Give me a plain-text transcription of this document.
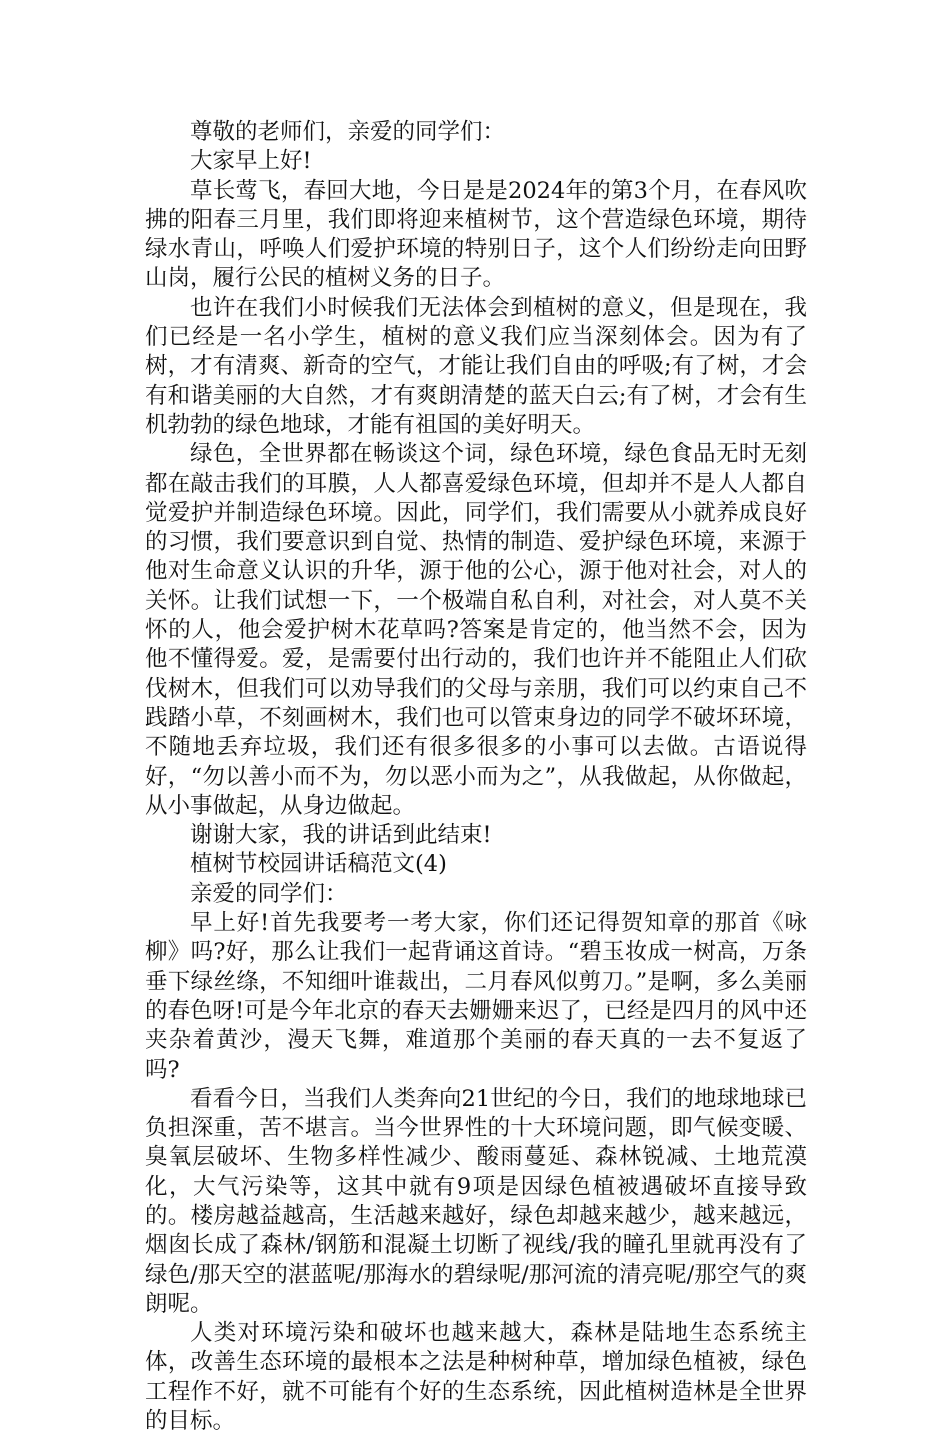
尊敬的老师们，亲爱的同学们：

大家早上好!

草长莺飞，春回大地，今日是是2024年的第3个月，在春风吹拂的阳春三月里，我们即将迎来植树节，这个营造绿色环境，期待绿水青山，呼唤人们爱护环境的特别日子，这个人们纷纷走向田野山岗，履行公民的植树义务的日子。

也许在我们小时候我们无法体会到植树的意义，但是现在，我们已经是一名小学生，植树的意义我们应当深刻体会。因为有了树，才有清爽、新奇的空气，才能让我们自由的呼吸;有了树，才会有和谐美丽的大自然，才有爽朗清楚的蓝天白云;有了树，才会有生机勃勃的绿色地球，才能有祖国的美好明天。

绿色，全世界都在畅谈这个词，绿色环境，绿色食品无时无刻都在敲击我们的耳膜，人人都喜爱绿色环境，但却并不是人人都自觉爱护并制造绿色环境。因此，同学们，我们需要从小就养成良好的习惯，我们要意识到自觉、热情的制造、爱护绿色环境，来源于他对生命意义认识的升华，源于他的公心，源于他对社会，对人的关怀。让我们试想一下，一个极端自私自利，对社会，对人莫不关怀的人，他会爱护树木花草吗?答案是肯定的，他当然不会，因为他不懂得爱。爱，是需要付出行动的，我们也许并不能阻止人们砍伐树木，但我们可以劝导我们的父母与亲朋，我们可以约束自己不践踏小草，不刻画树木，我们也可以管束身边的同学不破坏环境，不随地丢弃垃圾，我们还有很多很多的小事可以去做。古语说得好，“勿以善小而不为，勿以恶小而为之”，从我做起，从你做起，从小事做起，从身边做起。

谢谢大家，我的讲话到此结束!

植树节校园讲话稿范文(4)

亲爱的同学们：

早上好!首先我要考一考大家，你们还记得贺知章的那首《咏柳》吗?好，那么让我们一起背诵这首诗。“碧玉妆成一树高，万条垂下绿丝绦，不知细叶谁裁出，二月春风似剪刀。”是啊，多么美丽的春色呀!可是今年北京的春天去姗姗来迟了，已经是四月的风中还夹杂着黄沙，漫天飞舞，难道那个美丽的春天真的一去不复返了吗?

看看今日，当我们人类奔向21世纪的今日，我们的地球地球已负担深重，苦不堪言。当今世界性的十大环境问题，即气候变暖、臭氧层破坏、生物多样性减少、酸雨蔓延、森林锐减、土地荒漠化，大气污染等，这其中就有9项是因绿色植被遇破坏直接导致的。楼房越益越高，生活越来越好，绿色却越来越少，越来越远，烟囱长成了森林/钢筋和混凝土切断了视线/我的瞳孔里就再没有了绿色/那天空的湛蓝呢/那海水的碧绿呢/那河流的清亮呢/那空气的爽朗呢。

人类对环境污染和破坏也越来越大，森林是陆地生态系统主体，改善生态环境的最根本之法是种树种草，增加绿色植被，绿色工程作不好，就不可能有个好的生态系统，因此植树造林是全世界的目标。
